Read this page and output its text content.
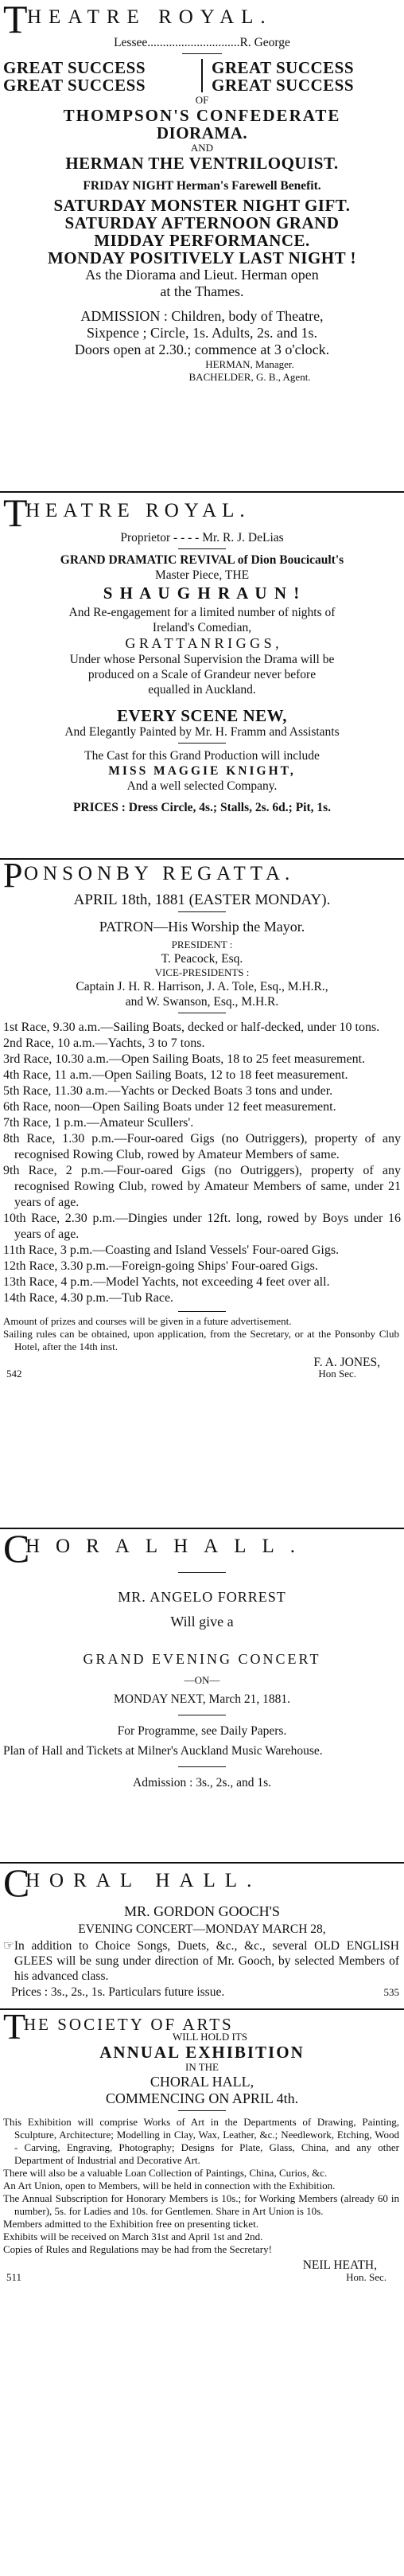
T HEATRE ROYAL.
Lessee..............................R. George
GREAT SUCCESS
GREAT SUCCESS
GREAT SUCCESS
GREAT SUCCESS
OF
THOMPSON'S CONFEDERATE
DIORAMA.
AND
HERMAN THE VENTRILOQUIST.
FRIDAY NIGHT Herman's Farewell Benefit.
SATURDAY MONSTER NIGHT GIFT.
SATURDAY AFTERNOON GRAND
MIDDAY PERFORMANCE.
MONDAY POSITIVELY LAST NIGHT !
As the Diorama and Lieut. Herman open
at the Thames.
ADMISSION : Children, body of Theatre,
Sixpence ; Circle, 1s. Adults, 2s. and 1s.
Doors open at 2.30.; commence at 3 o'clock.
HERMAN, Manager.
BACHELDER, G. B., Agent.
T
HEATRE ROYAL.
Proprietor - - - - Mr. R. J. DeLias
GRAND DRAMATIC REVIVAL of Dion Boucicault's
Master Piece, THE
S H A U G H R A U N !
And Re-engagement for a limited number of nights of
Ireland's Comedian,
G R A T T A N R I G G S ,
Under whose Personal Supervision the Drama will be
produced on a Scale of Grandeur never before
equalled in Auckland.
EVERY SCENE NEW,
And Elegantly Painted by Mr. H. Framm and Assistants
The Cast for this Grand Production will include
MISS MAGGIE KNIGHT,
And a well selected Company.
PRICES : Dress Circle, 4s.; Stalls, 2s. 6d.; Pit, 1s.
P ONSONBY REGATTA.
APRIL 18th, 1881 (EASTER MONDAY).
PATRON—His Worship the Mayor.
PRESIDENT :
T. Peacock, Esq.
VICE-PRESIDENTS :
Captain J. H. R. Harrison, J. A. Tole, Esq., M.H.R.,
and W. Swanson, Esq., M.H.R.
1st Race, 9.30 a.m.—Sailing Boats, decked or half-decked, under 10 tons.
2nd Race, 10 a.m.—Yachts, 3 to 7 tons.
3rd Race, 10.30 a.m.—Open Sailing Boats, 18 to 25 feet measurement.
4th Race, 11 a.m.—Open Sailing Boats, 12 to 18 feet measurement.
5th Race, 11.30 a.m.—Yachts or Decked Boats 3 tons and under.
6th Race, noon—Open Sailing Boats under 12 feet measurement.
7th Race, 1 p.m.—Amateur Scullers'.
8th Race, 1.30 p.m.—Four-oared Gigs (no Outriggers), property of any recognised Rowing Club, rowed by Amateur Members of same.
9th Race, 2 p.m.—Four-oared Gigs (no Outriggers), property of any recognised Rowing Club, rowed by Amateur Members of same, under 21 years of age.
10th Race, 2.30 p.m.—Dingies under 12ft. long, rowed by Boys under 16 years of age.
11th Race, 3 p.m.—Coasting and Island Vessels' Four-oared Gigs.
12th Race, 3.30 p.m.—Foreign-going Ships' Four-oared Gigs.
13th Race, 4 p.m.—Model Yachts, not exceeding 4 feet over all.
14th Race, 4.30 p.m.—Tub Race.
Amount of prizes and courses will be given in a future advertisement.
Sailing rules can be obtained, upon application, from the Secretary, or at the Ponsonby Club Hotel, after the 14th inst.
F. A. JONES,
542	Hon Sec.
C
HORALHALL.
MR. ANGELO FORREST
Will give a
GRAND EVENING CONCERT
—ON—
MONDAY NEXT, March 21, 1881.
For Programme, see Daily Papers.
Plan of Hall and Tickets at Milner's Auckland Music Warehouse.
Admission : 3s., 2s., and 1s.
C
HORAL HALL.
MR. GORDON GOOCH'S
EVENING CONCERT—MONDAY MARCH 28,
☞In addition to Choice Songs, Duets, &c., &c., several OLD ENGLISH GLEES will be sung under direction of Mr. Gooch, by selected Members of his advanced class.
Prices : 3s., 2s., 1s. Particulars future issue.	535
T
HE SOCIETY OF ARTS
WILL HOLD ITS
ANNUAL EXHIBITION
IN THE
CHORAL HALL,
COMMENCING ON APRIL 4th.
This Exhibition will comprise Works of Art in the Departments of Drawing, Painting, Sculpture, Architecture; Modelling in Clay, Wax, Leather, &c.; Needlework, Etching, Wood - Carving, Engraving, Photography; Designs for Plate, Glass, China, and any other Department of Industrial and Decorative Art.
There will also be a valuable Loan Collection of Paintings, China, Curios, &c.
An Art Union, open to Members, will be held in connection with the Exhibition.
The Annual Subscription for Honorary Members is 10s.; for Working Members (already 60 in number), 5s. for Ladies and 10s. for Gentlemen. Share in Art Union is 10s.
Members admitted to the Exhibition free on presenting ticket.
Exhibits will be received on March 31st and April 1st and 2nd.
Copies of Rules and Regulations may be had from the Secretary!
NEIL HEATH,
511	Hon. Sec.
